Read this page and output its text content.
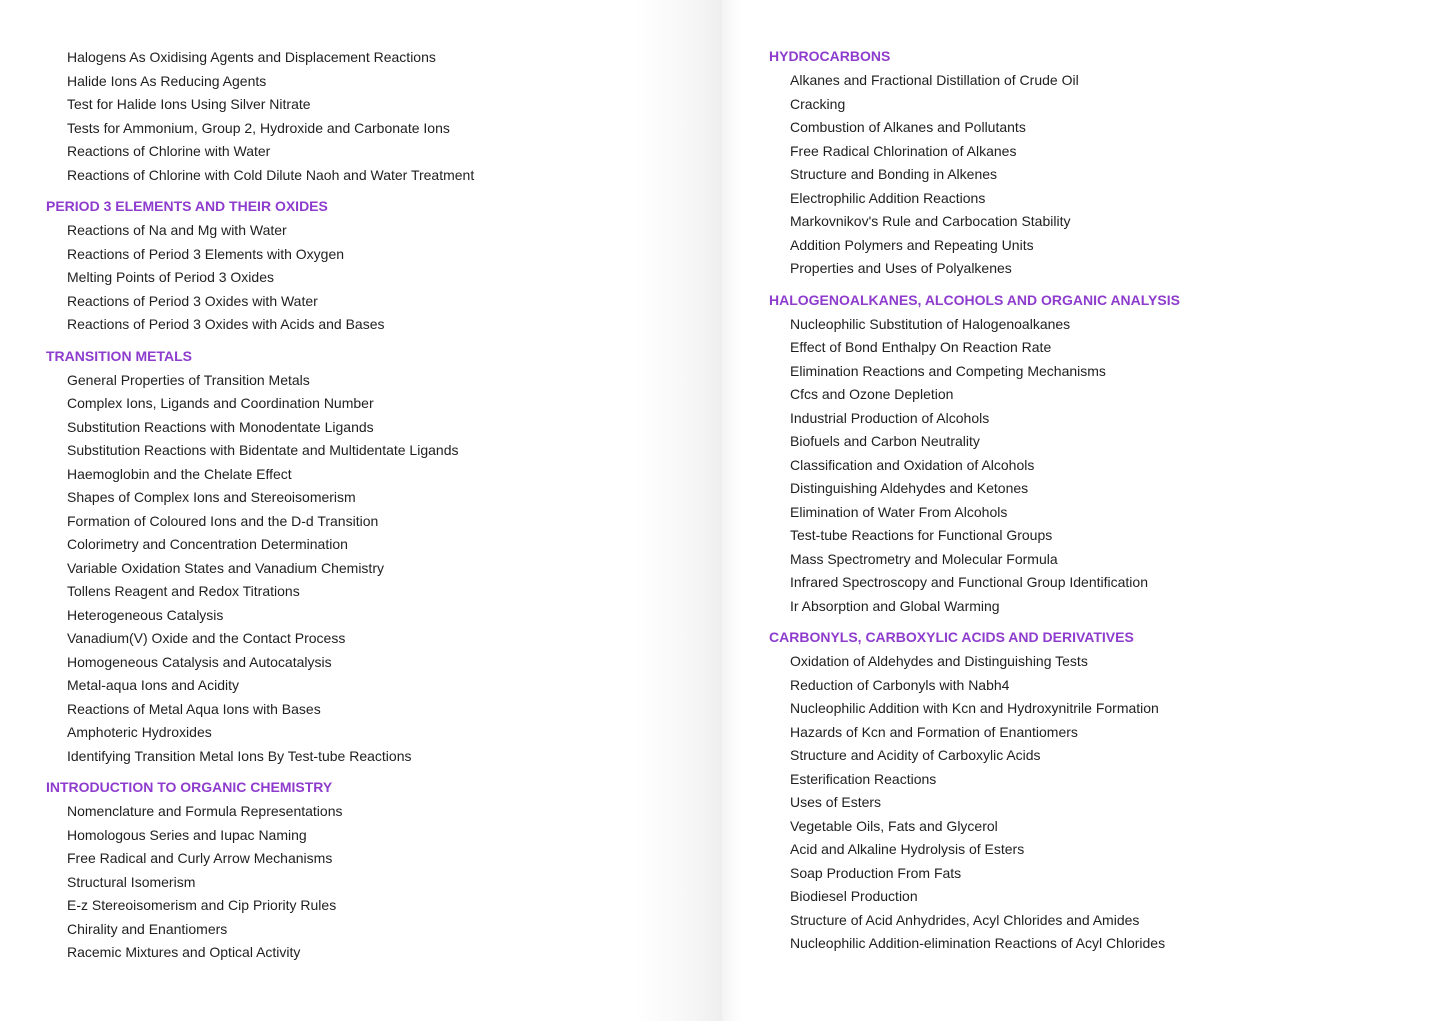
Halogens As Oxidising Agents and Displacement Reactions
Halide Ions As Reducing Agents
Test for Halide Ions Using Silver Nitrate
Tests for Ammonium, Group 2, Hydroxide and Carbonate Ions
Reactions of Chlorine with Water
Reactions of Chlorine with Cold Dilute Naoh and Water Treatment
PERIOD 3 ELEMENTS AND THEIR OXIDES
Reactions of Na and Mg with Water
Reactions of Period 3 Elements with Oxygen
Melting Points of Period 3 Oxides
Reactions of Period 3 Oxides with Water
Reactions of Period 3 Oxides with Acids and Bases
TRANSITION METALS
General Properties of Transition Metals
Complex Ions, Ligands and Coordination Number
Substitution Reactions with Monodentate Ligands
Substitution Reactions with Bidentate and Multidentate Ligands
Haemoglobin and the Chelate Effect
Shapes of Complex Ions and Stereoisomerism
Formation of Coloured Ions and the D-d Transition
Colorimetry and Concentration Determination
Variable Oxidation States and Vanadium Chemistry
Tollens Reagent and Redox Titrations
Heterogeneous Catalysis
Vanadium(V) Oxide and the Contact Process
Homogeneous Catalysis and Autocatalysis
Metal-aqua Ions and Acidity
Reactions of Metal Aqua Ions with Bases
Amphoteric Hydroxides
Identifying Transition Metal Ions By Test-tube Reactions
INTRODUCTION TO ORGANIC CHEMISTRY
Nomenclature and Formula Representations
Homologous Series and Iupac Naming
Free Radical and Curly Arrow Mechanisms
Structural Isomerism
E-z Stereoisomerism and Cip Priority Rules
Chirality and Enantiomers
Racemic Mixtures and Optical Activity
HYDROCARBONS
Alkanes and Fractional Distillation of Crude Oil
Cracking
Combustion of Alkanes and Pollutants
Free Radical Chlorination of Alkanes
Structure and Bonding in Alkenes
Electrophilic Addition Reactions
Markovnikov's Rule and Carbocation Stability
Addition Polymers and Repeating Units
Properties and Uses of Polyalkenes
HALOGENOALKANES, ALCOHOLS AND ORGANIC ANALYSIS
Nucleophilic Substitution of Halogenoalkanes
Effect of Bond Enthalpy On Reaction Rate
Elimination Reactions and Competing Mechanisms
Cfcs and Ozone Depletion
Industrial Production of Alcohols
Biofuels and Carbon Neutrality
Classification and Oxidation of Alcohols
Distinguishing Aldehydes and Ketones
Elimination of Water From Alcohols
Test-tube Reactions for Functional Groups
Mass Spectrometry and Molecular Formula
Infrared Spectroscopy and Functional Group Identification
Ir Absorption and Global Warming
CARBONYLS, CARBOXYLIC ACIDS AND DERIVATIVES
Oxidation of Aldehydes and Distinguishing Tests
Reduction of Carbonyls with Nabh4
Nucleophilic Addition with Kcn and Hydroxynitrile Formation
Hazards of Kcn and Formation of Enantiomers
Structure and Acidity of Carboxylic Acids
Esterification Reactions
Uses of Esters
Vegetable Oils, Fats and Glycerol
Acid and Alkaline Hydrolysis of Esters
Soap Production From Fats
Biodiesel Production
Structure of Acid Anhydrides, Acyl Chlorides and Amides
Nucleophilic Addition-elimination Reactions of Acyl Chlorides
